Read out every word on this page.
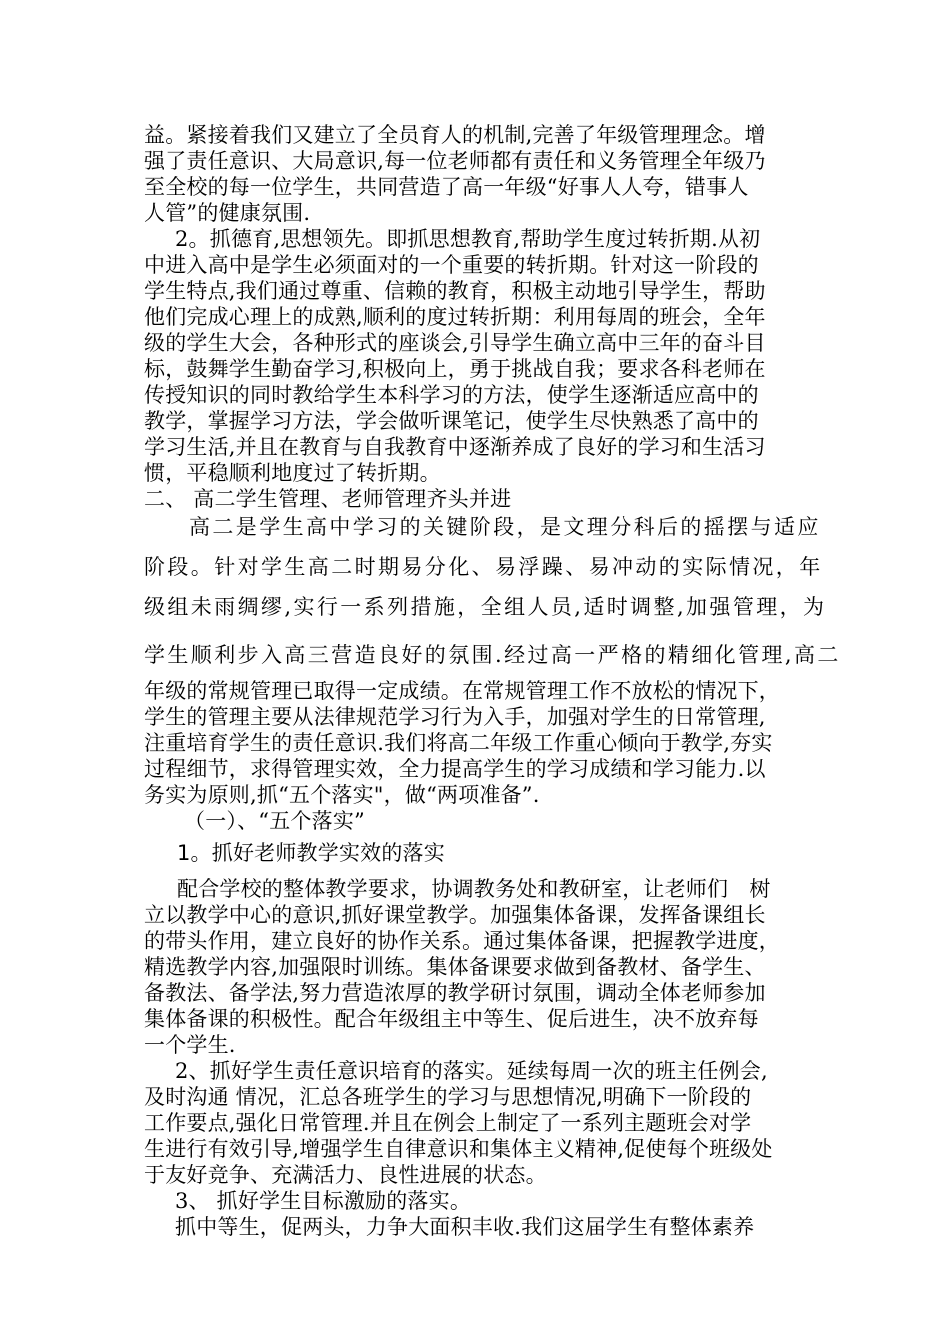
益。紧接着我们又建立了全员育人的机制,完善了年级管理理念。增
强了责任意识、大局意识,每一位老师都有责任和义务管理全年级乃
至全校的每一位学生，共同营造了高一年级“好事人人夸，错事人
人管”的健康氛围.
2。抓德育,思想领先。即抓思想教育,帮助学生度过转折期.从初
中进入高中是学生必须面对的一个重要的转折期。针对这一阶段的
学生特点,我们通过尊重、信赖的教育，积极主动地引导学生，帮助
他们完成心理上的成熟,顺利的度过转折期：利用每周的班会，全年
级的学生大会，各种形式的座谈会,引导学生确立高中三年的奋斗目
标，鼓舞学生勤奋学习,积极向上，勇于挑战自我；要求各科老师在
传授知识的同时教给学生本科学习的方法，使学生逐渐适应高中的
教学，掌握学习方法，学会做听课笔记，使学生尽快熟悉了高中的
学习生活,并且在教育与自我教育中逐渐养成了良好的学习和生活习
惯，平稳顺利地度过了转折期。
二、 高二学生管理、老师管理齐头并进
高二是学生高中学习的关键阶段，是文理分科后的摇摆与适应
阶段。针对学生高二时期易分化、易浮躁、易冲动的实际情况，年
级组未雨绸缪,实行一系列措施，全组人员,适时调整,加强管理，为
学生顺利步入高三营造良好的氛围.经过高一严格的精细化管理,高二
年级的常规管理已取得一定成绩。在常规管理工作不放松的情况下，
学生的管理主要从法律规范学习行为入手，加强对学生的日常管理,
注重培育学生的责任意识.我们将高二年级工作重心倾向于教学,夯实
过程细节，求得管理实效，全力提高学生的学习成绩和学习能力.以
务实为原则,抓“五个落实"，做“两项准备”.
（一）、“五个落实”
1。抓好老师教学实效的落实
配合学校的整体教学要求，协调教务处和教研室，让老师们　树
立以教学中心的意识,抓好课堂教学。加强集体备课，发挥备课组长
的带头作用，建立良好的协作关系。通过集体备课，把握教学进度，
精选教学内容,加强限时训练。集体备课要求做到备教材、备学生、
备教法、备学法,努力营造浓厚的教学研讨氛围，调动全体老师参加
集体备课的积极性。配合年级组主中等生、促后进生，决不放弃每
一个学生.
2、抓好学生责任意识培育的落实。延续每周一次的班主任例会,
及时沟通 情况，汇总各班学生的学习与思想情况,明确下一阶段的
工作要点,强化日常管理.并且在例会上制定了一系列主题班会对学
生进行有效引导,增强学生自律意识和集体主义精神,促使每个班级处
于友好竞争、充满活力、良性进展的状态。
3、 抓好学生目标激励的落实。
抓中等生，促两头，力争大面积丰收.我们这届学生有整体素养
